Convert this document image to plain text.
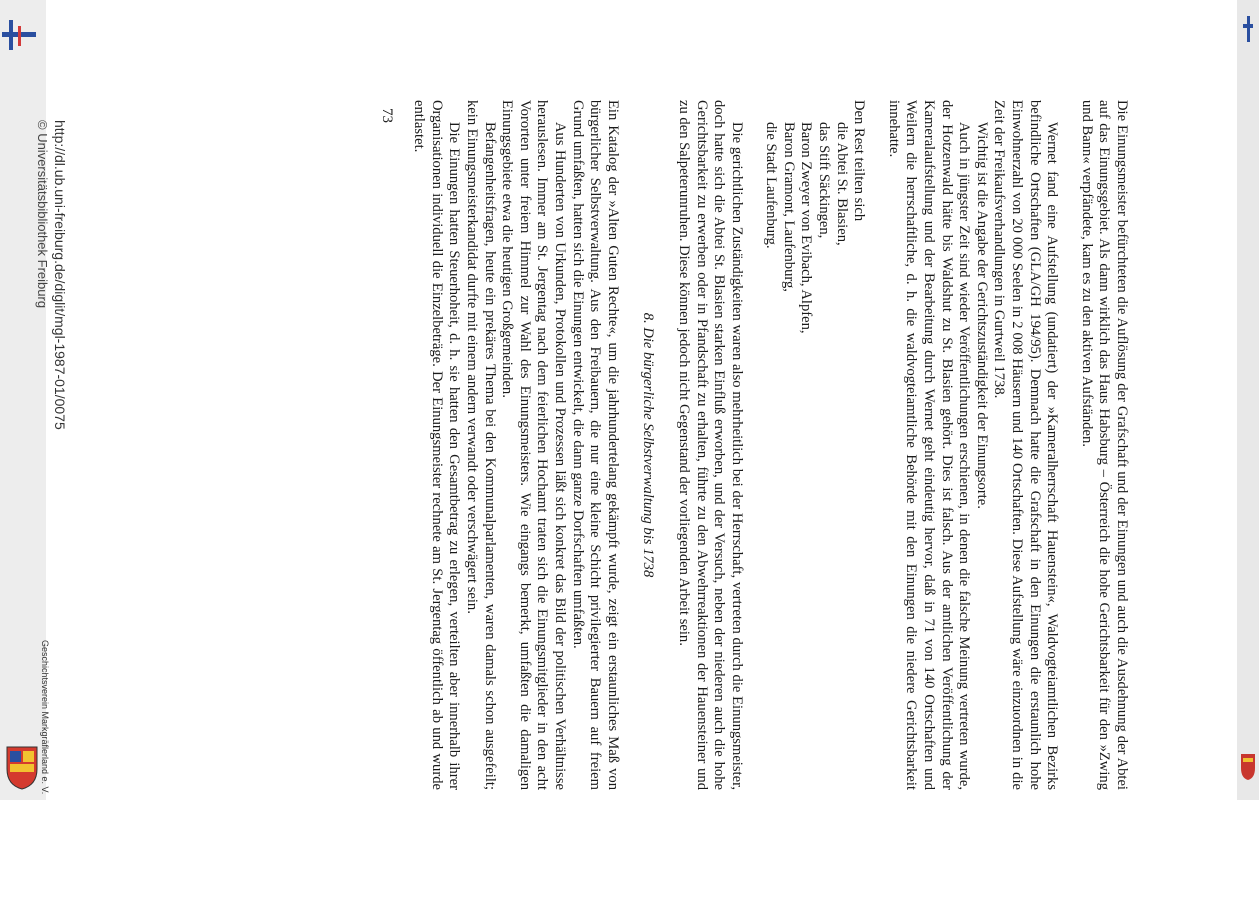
Die Einungsmeister befürchteten die Auflösung der Grafschaft und der Einungen und auch die Ausdehnung der Abtei auf das Einungsgebiet. Als dann wirklich das Haus Habsburg – Österreich die hohe Gerichtsbarkeit für den »Zwing und Bann« verpfändete, kam es zu den aktiven Aufständen.

Wernet fand eine Aufstellung (undatiert) der »Kameralherrschaft Hauenstein«, Waldvogteiamtlichen Bezirks befindliche Ortschaften (GLA/GH 194/95). Demnach hatte die Grafschaft in den Einungen die erstaunlich hohe Einwohnerzahl von 20 000 Seelen in 2 008 Häusern und 140 Ortschaften. Diese Aufstellung wäre einzuordnen in die Zeit der Freikaufsverhandlungen in Gurtweil 1738.

Wichtig ist die Angabe der Gerichtszuständigkeit der Einungsorte.

Auch in jüngster Zeit sind wieder Veröffentlichungen erschienen, in denen die falsche Meinung vertreten wurde, der Hotzenwald hätte bis Waldshut zu St. Blasien gehört. Dies ist falsch. Aus der amtlichen Veröffentlichung der Kameralaufstellung und der Bearbeitung durch Wernet geht eindeutig hervor, daß in 71 von 140 Ortschaften und Weilern die herrschaftliche, d. h. die waldvogteiamtliche Behörde mit den Einungen die niedere Gerichtsbarkeit innehatte.

Den Rest teilten sich

die Abtei St. Blasien,
das Stift Säckingen,
Baron Zweyer von Evibach, Alpfen,
Baron Gramont, Laufenburg,
die Stadt Laufenburg.

Die gerichtlichen Zuständigkeiten waren also mehrheitlich bei der Herrschaft, vertreten durch die Einungsmeister, doch hatte sich die Abtei St. Blasien starken Einfluß erworben, und der Versuch, neben der niederen auch die hohe Gerichtsbarkeit zu erwerben oder in Pfandschaft zu erhalten, führte zu den Abwehrreaktionen der Hauensteiner und zu den Salpeterunruhen. Diese können jedoch nicht Gegenstand der vorliegenden Arbeit sein.

8. Die bürgerliche Selbstverwaltung bis 1738

Ein Katalog der »Alten Guten Rechte«, um die jahrhundertelang gekämpft wurde, zeigt ein erstaunliches Maß von bürgerlicher Selbstverwaltung. Aus den Freibauern, die nur eine kleine Schicht privilegierter Bauern auf freiem Grund umfaßten, hatten sich die Einungen entwickelt, die dann ganze Dorfschaften umfaßten.

Aus Hunderten von Urkunden, Protokollen und Prozessen läßt sich konkret das Bild der politischen Verhältnisse herauslesen. Immer am St. Jergentag nach dem feierlichen Hochamt traten sich die Einungsmitglieder in den acht Vororten unter freiem Himmel zur Wahl des Einungsmeisters. Wie eingangs bemerkt, umfaßten die damaligen Einungsgebiete etwa die heutigen Großgemeinden.

Befangenheitsfragen, heute ein prekäres Thema bei den Kommunalparlamenten, waren damals schon ausgefeilt; kein Einungsmeisterkandidat durfte mit einem andern verwandt oder verschwägert sein.

Die Einungen hatten Steuerhoheit, d. h. sie hatten den Gesamtbetrag zu erlegen, verteilten aber innerhalb ihrer Organisationen individuell die Einzelbeträge. Der Einungsmeister rechnete am St. Jergentag öffentlich ab und wurde entlastet.

73
http://dl.ub.uni-freiburg.de/diglit/mgl-1987-01/0075
© Universitätsbibliothek Freiburg
Geschichtsverein Markgräflerland e. V.
